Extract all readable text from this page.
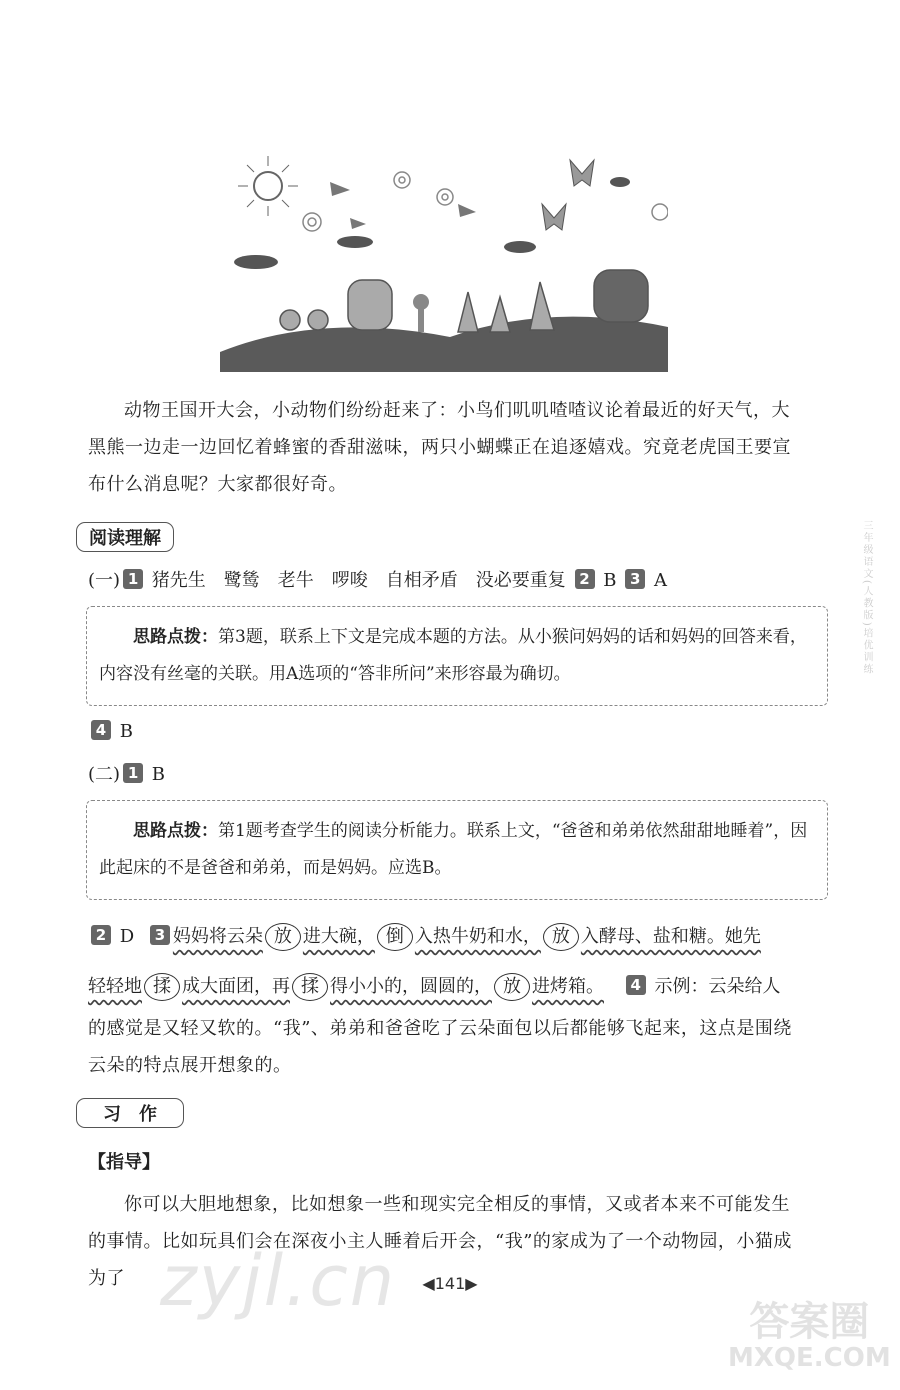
动物王国开大会，小动物们纷纷赶来了：小鸟们叽叽喳喳议论着最近的好天气，大黑熊一边走一边回忆着蜂蜜的香甜滋味，两只小蝴蝶正在追逐嬉戏。究竟老虎国王要宣布什么消息呢？大家都很好奇。
阅读理解
(一) 1 猪先生　鹭鸶　老牛　啰唆　自相矛盾　没必要重复 2 B 3 A
思路点拨：第3题，联系上下文是完成本题的方法。从小猴问妈妈的话和妈妈的回答来看，内容没有丝毫的关联。用A选项的“答非所问”来形容最为确切。
4 B
(二) 1 B
思路点拨：第1题考查学生的阅读分析能力。联系上文，“爸爸和弟弟依然甜甜地睡着”，因此起床的不是爸爸和弟弟，而是妈妈。应选B。
2 D 3 妈妈将云朵 放 进大碗， 倒 入热牛奶和水， 放 入酵母、盐和糖。她先
轻轻地 揉 成大面团，再 揉 得小小的，圆圆的， 放 进烤箱。 4 示例：云朵给人
的感觉是又轻又软的。“我”、弟弟和爸爸吃了云朵面包以后都能够飞起来，这点是围绕云朵的特点展开想象的。
习　作
【指导】
你可以大胆地想象，比如想象一些和现实完全相反的事情，又或者本来不可能发生的事情。比如玩具们会在深夜小主人睡着后开会，“我”的家成为了一个动物园，小猫成为了 zyjl.cn	◀141▶
答案圈
MXQE.COM
三年级语文(人教版)培优训练
